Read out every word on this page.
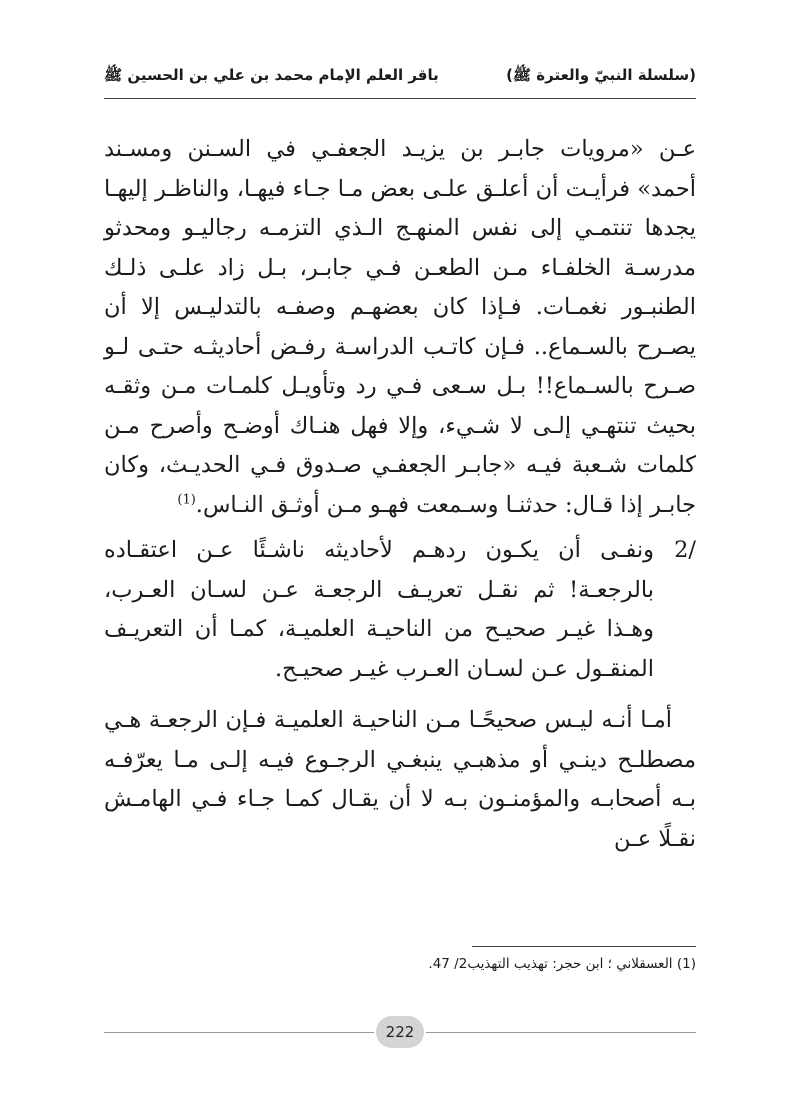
(سلسلة النبيّ والعترة ﷺ)
باقر العلم الإمام محمد بن علي بن الحسين ﷺ

عـن «مرويات جابـر بن يزيـد الجعفـي في السـنن ومسـند أحمد» فرأيـت أن أعلـق علـى بعض مـا جـاء فيهـا، والناظـر إليهـا يجدها تنتمـي إلى نفس المنهـج الـذي التزمـه رجاليـو ومحدثو مدرسـة الخلفـاء مـن الطعـن فـي جابـر، بـل زاد علـى ذلـك الطنبـور نغمـات. فـإذا كان بعضهـم وصفـه بالتدليـس إلا أن يصـرح بالسـماع.. فـإن كاتـب الدراسـة رفـض أحاديثـه حتـى لـو صـرح بالسـماع!! بـل سـعى فـي رد وتأويـل كلمـات مـن وثقـه بحيث تنتهـي إلـى لا شـيء، وإلا فهل هنـاك أوضـح وأصرح مـن كلمات شـعبة فيـه «جابـر الجعفـي صـدوق فـي الحديـث، وكان جابـر إذا قـال: حدثنـا وسـمعت فهـو مـن أوثـق النـاس.$^{(1)}$

2/
ونفـى أن يكـون ردهـم لأحاديثه ناشـئًا عـن اعتقـاده بالرجعـة! ثم نقـل تعريـف الرجعـة عـن لسـان العـرب، وهـذا غيـر صحيـح من الناحيـة العلميـة، كمـا أن التعريـف المنقـول عـن لسـان العـرب غيـر صحيـح.

أمـا أنـه ليـس صحيحًـا مـن الناحيـة العلميـة فـإن الرجعـة هـي مصطلـح دينـي أو مذهبـي ينبغـي الرجـوع فيـه إلـى مـا يعرّفـه بـه أصحابـه والمؤمنـون بـه لا أن يقـال كمـا جـاء فـي الهامـش نقـلًا عـن

(1) العسقلاني ؛ ابن حجر: تهذيب التهذيب2/ 47.
222
